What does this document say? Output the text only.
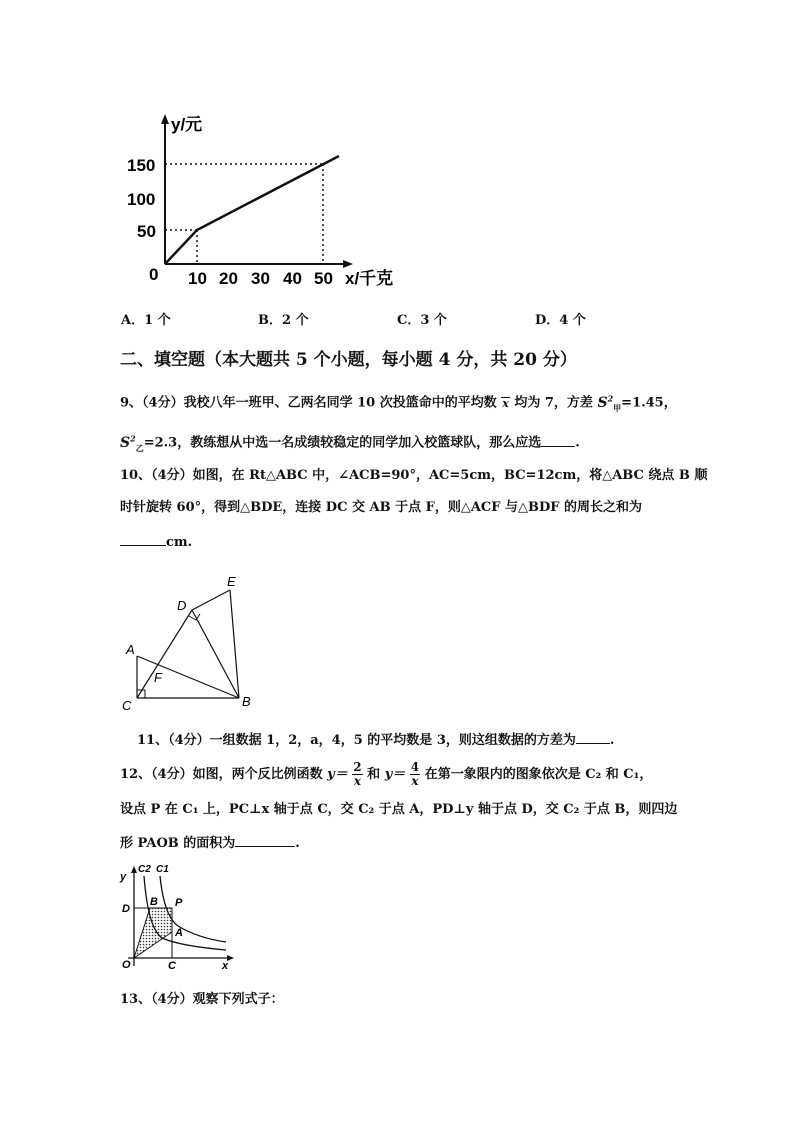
y/元
150
100
50
0 10 20 30 40 50 x/千克
A．1 个	B．2 个	C．3 个	D．4 个
二、填空题（本大题共 5 个小题，每小题 4 分，共 20 分）
9、（4分）我校八年一班甲、乙两名同学 10 次投篮命中的平均数 x 均为 7，方差 $S^2_甲=1.45$，
$S^2_乙=2.3$，教练想从中选一名成绩较稳定的同学加入校篮球队，那么应选	.
10、（4分）如图，在 Rt△ABC 中，∠ACB=90°，AC=5cm，BC=12cm，将△ABC 绕点 B 顺
时针旋转 60°，得到△BDE，连接 DC 交 AB 于点 F，则△ACF 与△BDF 的周长之和为
cm.
E
D
A
F
C	B
11、（4分）一组数据 1，2，a，4，5 的平均数是 3，则这组数据的方差为	.
12、（4分）如图，两个反比例函数 $y= \frac{2}{x}$ 和 $y= \frac{4}{x}$ 在第一象限内的图象依次是 C₂ 和 C₁，
设点 P 在 C₁ 上，PC⊥x 轴于点 C，交 C₂ 于点 A，PD⊥y 轴于点 D，交 C₂ 于点 B，则四边
形 PAOB 的面积为	.
y
C2 C1
D
B P
A
O	C	x
13、（4分）观察下列式子：
